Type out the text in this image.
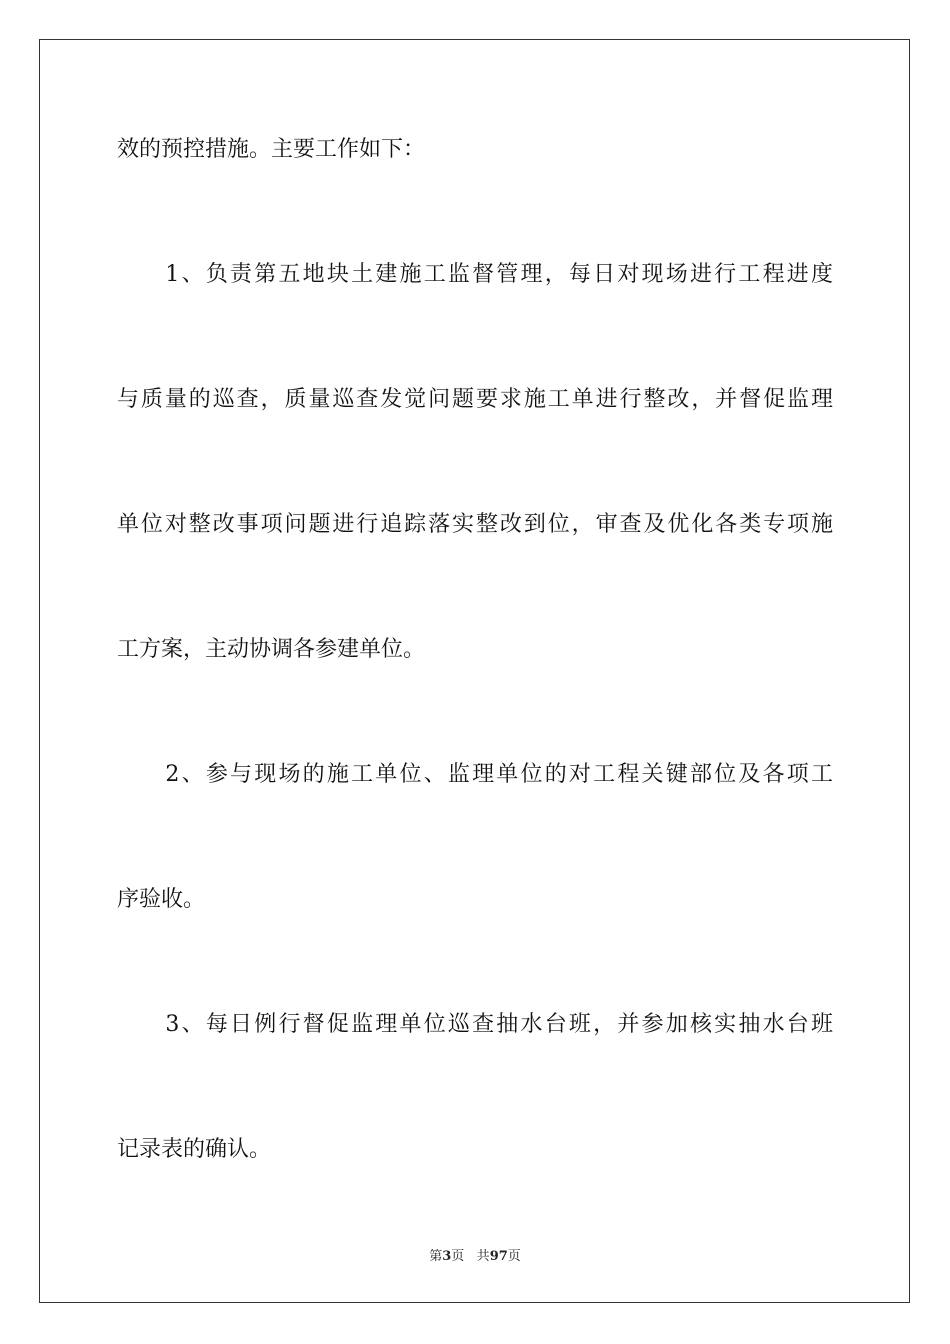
效的预控措施。主要工作如下：
　　1、负责第五地块土建施工监督管理，每日对现场进行工程进度
与质量的巡查，质量巡查发觉问题要求施工单进行整改，并督促监理
单位对整改事项问题进行追踪落实整改到位，审查及优化各类专项施
工方案，主动协调各参建单位。
　　2、参与现场的施工单位、监理单位的对工程关键部位及各项工
序验收。
　　3、每日例行督促监理单位巡查抽水台班，并参加核实抽水台班
记录表的确认。
第3页 共97页
